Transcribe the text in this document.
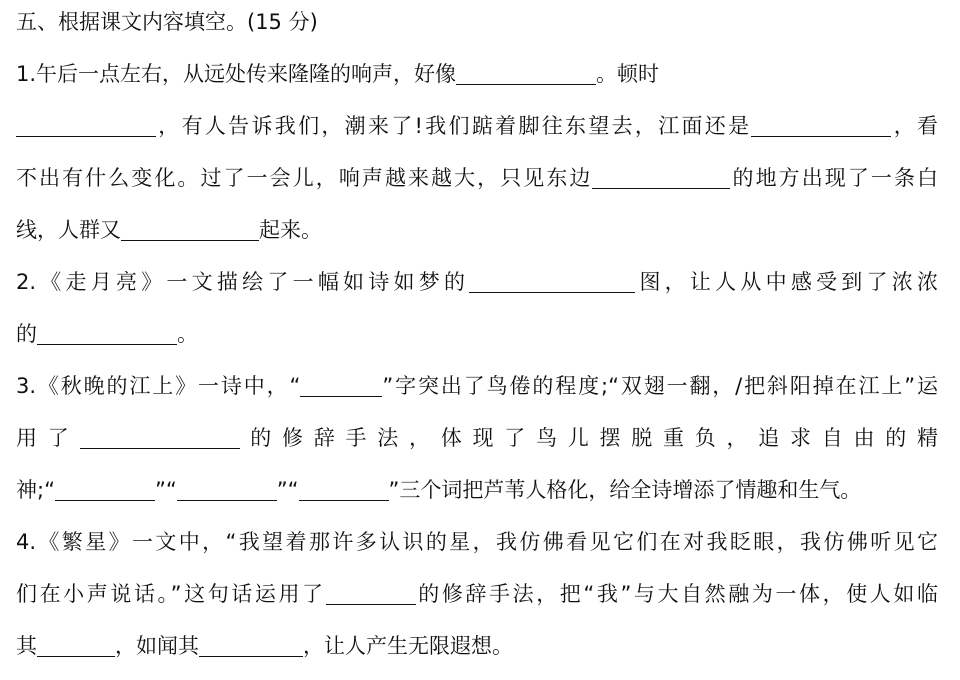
五、根据课文内容填空。(15 分)
1.午后一点左右，从远处传来隆隆的响声，好像	。顿时
，有人告诉我们，潮来了!我们踮着脚往东望去，江面还是	，看
不出有什么变化。过了一会儿，响声越来越大，只见东边	的地方出现了一条白
线，人群又	起来。
2.《走月亮》一文描绘了一幅如诗如梦的	图，让人从中感受到了浓浓
的	。
3.《秋晚的江上》一诗中，“	”字突出了鸟倦的程度;“双翅一翻，/把斜阳掉在江上”运
用了	的修辞手法，体现了鸟儿摆脱重负，追求自由的精
神;“	”“	”“	”三个词把芦苇人格化，给全诗增添了情趣和生气。
4.《繁星》一文中，“我望着那许多认识的星，我仿佛看见它们在对我眨眼，我仿佛听见它
们在小声说话。”这句话运用了	的修辞手法，把“我”与大自然融为一体，使人如临
其	，如闻其	，让人产生无限遐想。
